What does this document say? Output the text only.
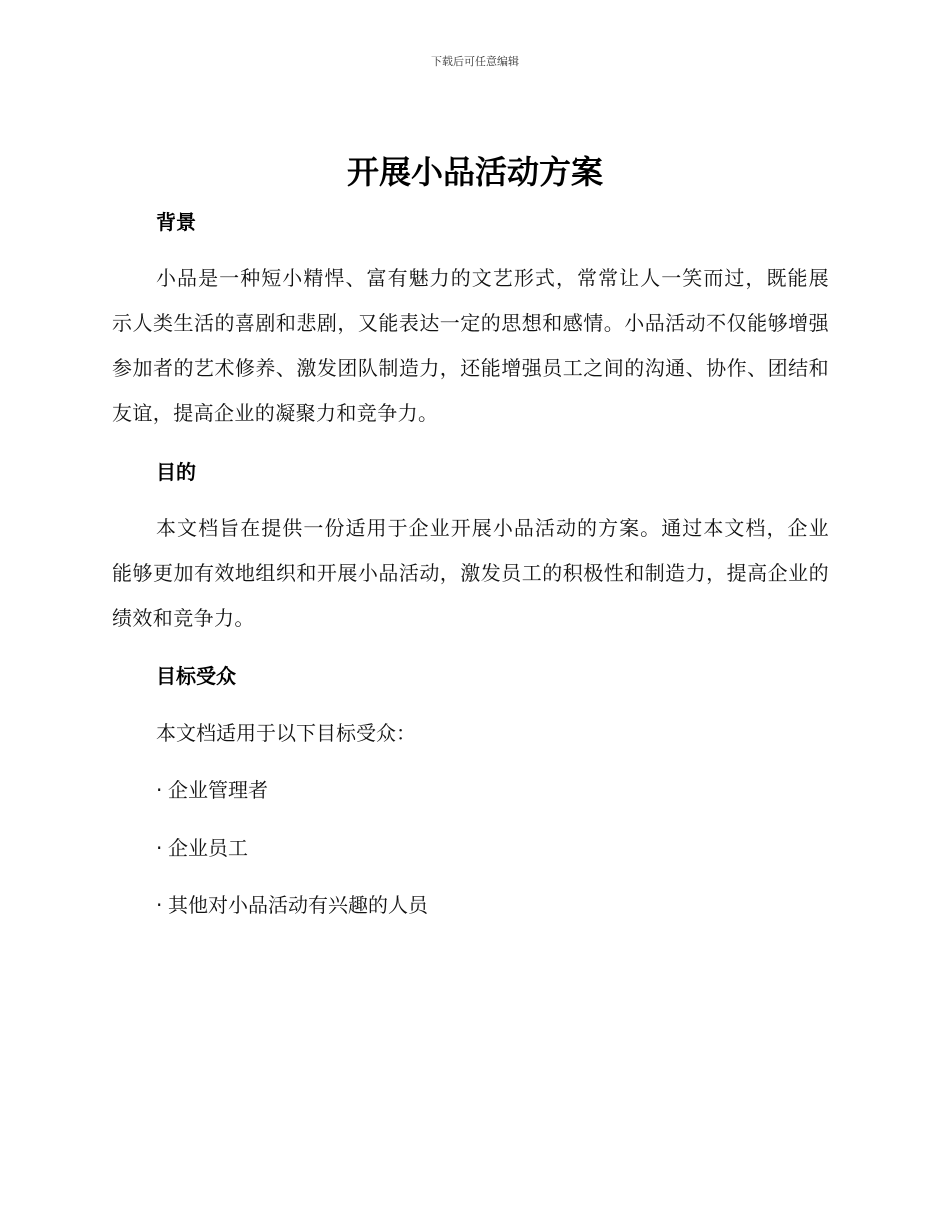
下载后可任意编辑
开展小品活动方案
背景

小品是一种短小精悍、富有魅力的文艺形式，常常让人一笑而过，既能展示人类生活的喜剧和悲剧，又能表达一定的思想和感情。小品活动不仅能够增强参加者的艺术修养、激发团队制造力，还能增强员工之间的沟通、协作、团结和友谊，提高企业的凝聚力和竞争力。

目的

本文档旨在提供一份适用于企业开展小品活动的方案。通过本文档，企业能够更加有效地组织和开展小品活动，激发员工的积极性和制造力，提高企业的绩效和竞争力。

目标受众

本文档适用于以下目标受众：

· 企业管理者
· 企业员工
· 其他对小品活动有兴趣的人员
